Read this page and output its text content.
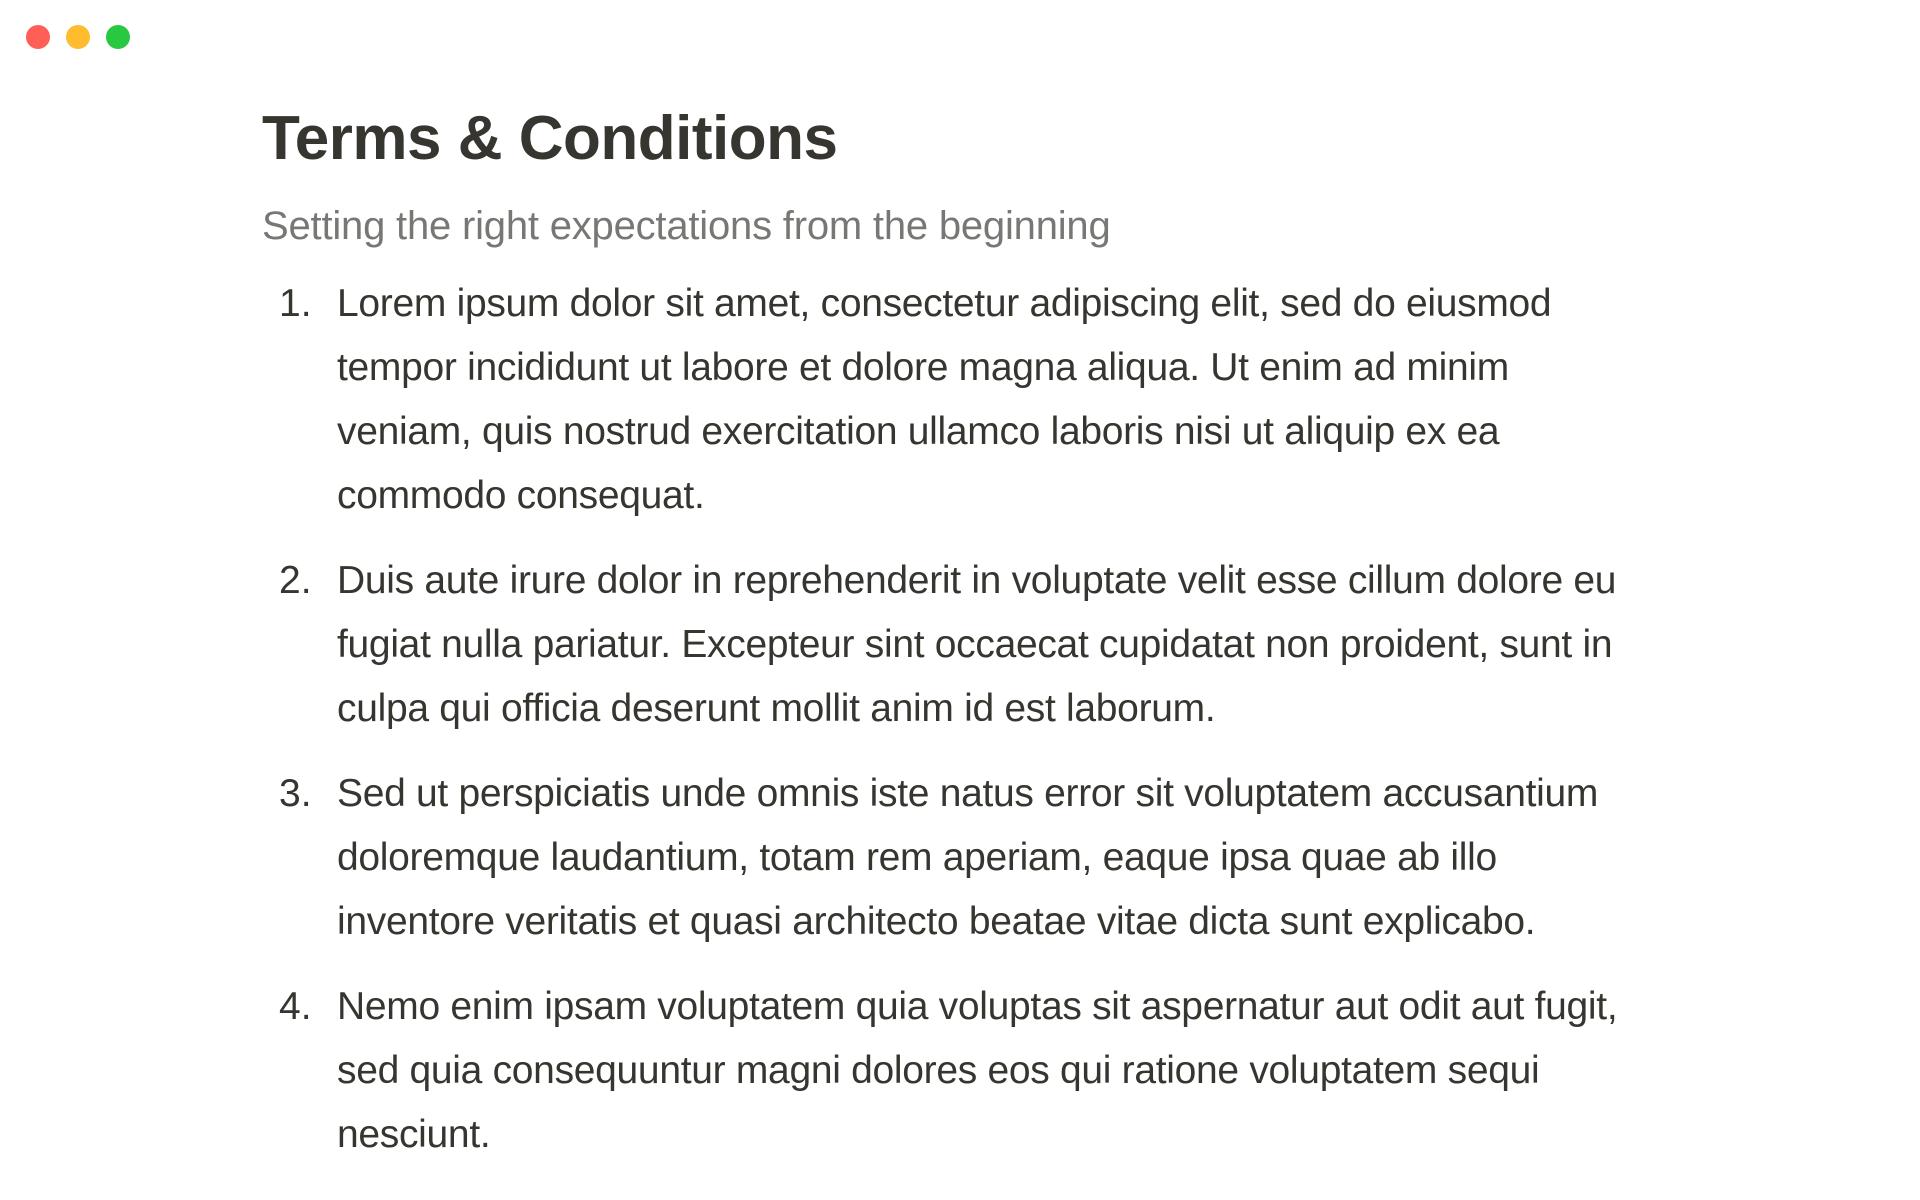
Terms & Conditions

Setting the right expectations from the beginning

1. Lorem ipsum dolor sit amet, consectetur adipiscing elit, sed do eiusmod tempor incididunt ut labore et dolore magna aliqua. Ut enim ad minim veniam, quis nostrud exercitation ullamco laboris nisi ut aliquip ex ea commodo consequat.
2. Duis aute irure dolor in reprehenderit in voluptate velit esse cillum dolore eu fugiat nulla pariatur. Excepteur sint occaecat cupidatat non proident, sunt in culpa qui officia deserunt mollit anim id est laborum.
3. Sed ut perspiciatis unde omnis iste natus error sit voluptatem accusantium doloremque laudantium, totam rem aperiam, eaque ipsa quae ab illo inventore veritatis et quasi architecto beatae vitae dicta sunt explicabo.
4. Nemo enim ipsam voluptatem quia voluptas sit aspernatur aut odit aut fugit, sed quia consequuntur magni dolores eos qui ratione voluptatem sequi nesciunt.
